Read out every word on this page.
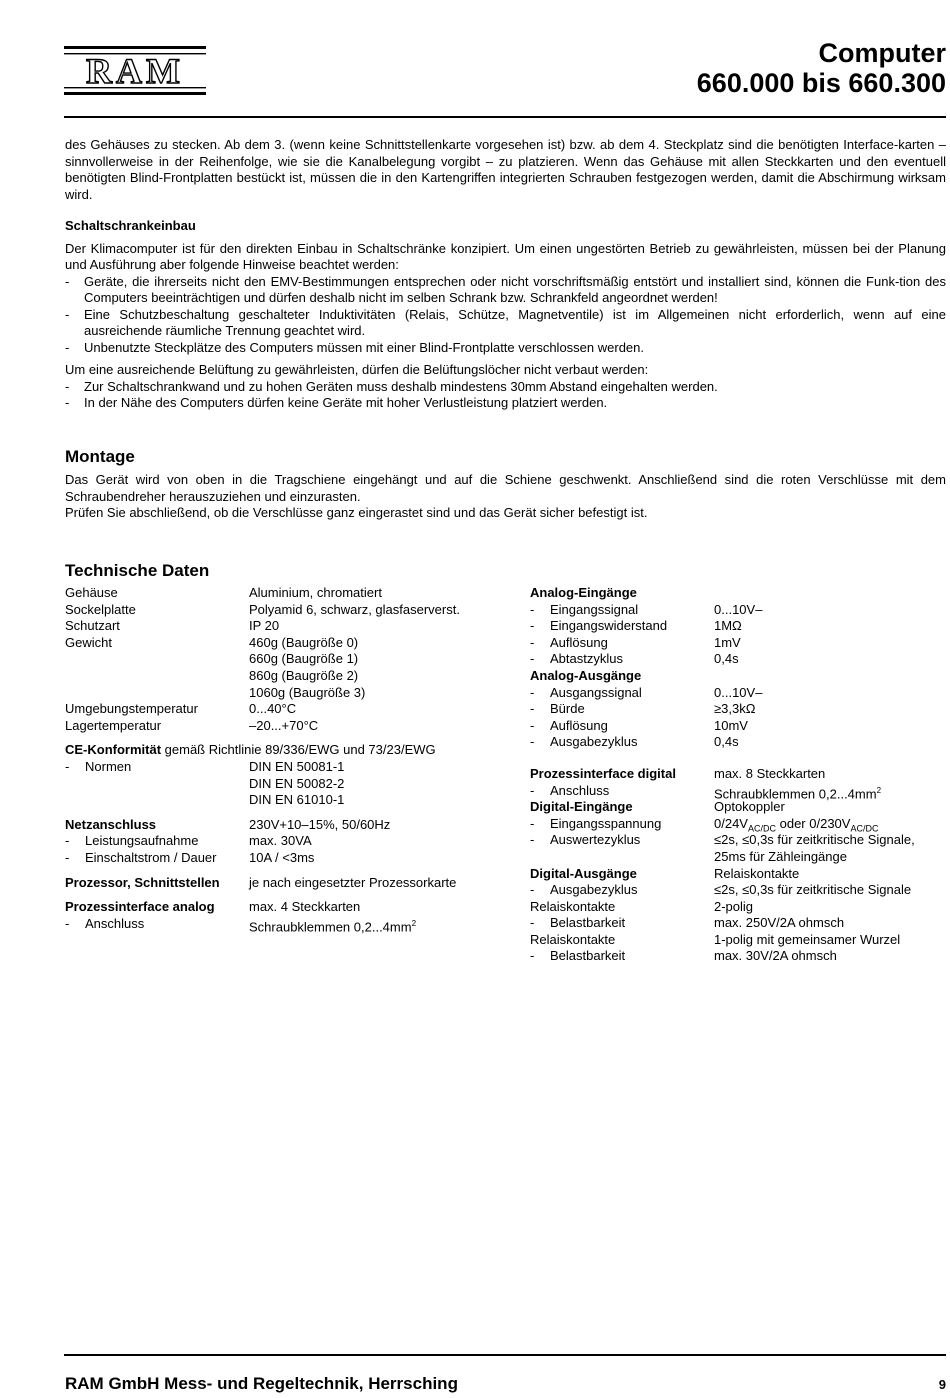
RAM	Computer
660.000 bis 660.300
des Gehäuses zu stecken. Ab dem 3. (wenn keine Schnittstellenkarte vorgesehen ist) bzw. ab dem 4. Steckplatz sind die benötigten Interface-karten – sinnvollerweise in der Reihenfolge, wie sie die Kanalbelegung vorgibt – zu platzieren. Wenn das Gehäuse mit allen Steckkarten und den eventuell benötigten Blind-Frontplatten bestückt ist, müssen die in den Kartengriffen integrierten Schrauben festgezogen werden, damit die Abschirmung wirksam wird.
Schaltschrankeinbau
Der Klimacomputer ist für den direkten Einbau in Schaltschränke konzipiert. Um einen ungestörten Betrieb zu gewährleisten, müssen bei der Planung und Ausführung aber folgende Hinweise beachtet werden:
-	Geräte, die ihrerseits nicht den EMV-Bestimmungen entsprechen oder nicht vorschriftsmäßig entstört und installiert sind, können die Funk-tion des Computers beeinträchtigen und dürfen deshalb nicht im selben Schrank bzw. Schrankfeld angeordnet werden!
-	Eine Schutzbeschaltung geschalteter Induktivitäten (Relais, Schütze, Magnetventile) ist im Allgemeinen nicht erforderlich, wenn auf eine ausreichende räumliche Trennung geachtet wird.
-	Unbenutzte Steckplätze des Computers müssen mit einer Blind-Frontplatte verschlossen werden.
Um eine ausreichende Belüftung zu gewährleisten, dürfen die Belüftungslöcher nicht verbaut werden:
-	Zur Schaltschrankwand und zu hohen Geräten muss deshalb mindestens 30mm Abstand eingehalten werden.
-	In der Nähe des Computers dürfen keine Geräte mit hoher Verlustleistung platziert werden.
Montage
Das Gerät wird von oben in die Tragschiene eingehängt und auf die Schiene geschwenkt. Anschließend sind die roten Verschlüsse mit dem Schraubendreher herauszuziehen und einzurasten.
Prüfen Sie abschließend, ob die Verschlüsse ganz eingerastet sind und das Gerät sicher befestigt ist.
Technische Daten
Gehäuse	Aluminium, chromatiert
Sockelplatte	Polyamid 6, schwarz, glasfaserverst.
Schutzart	IP 20
Gewicht	460g (Baugröße 0)
660g (Baugröße 1)
860g (Baugröße 2)
1060g (Baugröße 3)
Umgebungstemperatur	0...40°C
Lagertemperatur	–20...+70°C
CE-Konformität gemäß Richtlinie 89/336/EWG und 73/23/EWG
- Normen	DIN EN 50081-1
DIN EN 50082-2
DIN EN 61010-1
Netzanschluss	230V+10–15%, 50/60Hz
- Leistungsaufnahme	max. 30VA
- Einschaltstrom / Dauer	10A / <3ms
Prozessor, Schnittstellen	je nach eingesetzter Prozessorkarte
Prozessinterface analog	max. 4 Steckkarten
- Anschluss	Schraubklemmen $0,2...4mm^2$
Analog-Eingänge
- Eingangssignal	0...10V–
- Eingangswiderstand	1MΩ
- Auflösung	1mV
- Abtastzyklus	0,4s
Analog-Ausgänge
- Ausgangssignal	0...10V–
- Bürde	≥3,3kΩ
- Auflösung	10mV
- Ausgabezyklus	0,4s
Prozessinterface digital	max. 8 Steckkarten
- Anschluss	Schraubklemmen $0,2...4mm^2$
Digital-Eingänge	Optokoppler
- Eingangsspannung	$0/24V_{AC/DC}$ oder $0/230V_{AC/DC}$
- Auswertezyklus	≤2s, ≤0,3s für zeitkritische Signale,
25ms für Zähleingänge
Digital-Ausgänge	Relaiskontakte
- Ausgabezyklus	≤2s, ≤0,3s für zeitkritische Signale
Relaiskontakte	2-polig
- Belastbarkeit	max. 250V/2A ohmsch
Relaiskontakte	1-polig mit gemeinsamer Wurzel
- Belastbarkeit	max. 30V/2A ohmsch
RAM GmbH Mess- und Regeltechnik, Herrsching	9
